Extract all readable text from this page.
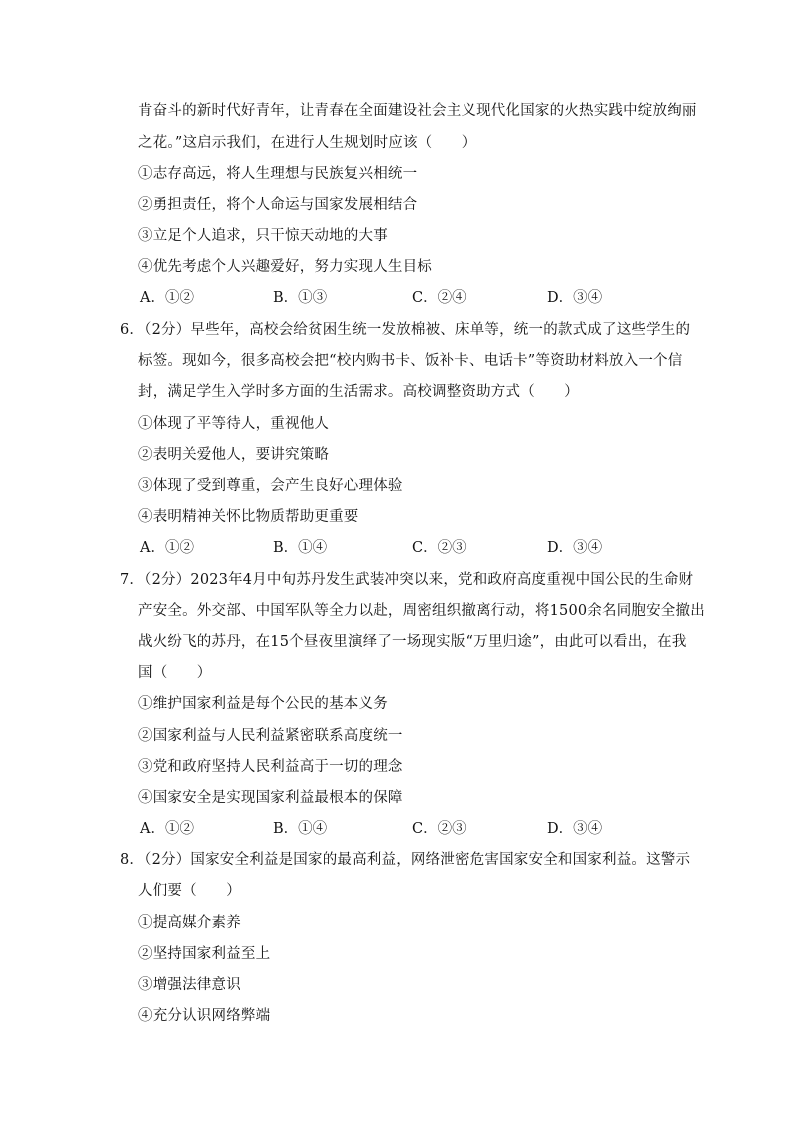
肯奋斗的新时代好青年，让青春在全面建设社会主义现代化国家的火热实践中绽放绚丽
之花。”这启示我们，在进行人生规划时应该（　　）
①志存高远，将人生理想与民族复兴相统一
②勇担责任，将个人命运与国家发展相结合
③立足个人追求，只干惊天动地的大事
④优先考虑个人兴趣爱好，努力实现人生目标
A．①②	B．①③	C．②④	D．③④
6．（2分）早些年，高校会给贫困生统一发放棉被、床单等，统一的款式成了这些学生的
标签。现如今，很多高校会把“校内购书卡、饭补卡、电话卡”等资助材料放入一个信
封，满足学生入学时多方面的生活需求。高校调整资助方式（　　）
①体现了平等待人，重视他人
②表明关爱他人，要讲究策略
③体现了受到尊重，会产生良好心理体验
④表明精神关怀比物质帮助更重要
A．①②	B．①④	C．②③	D．③④
7．（2分）2023年4月中旬苏丹发生武装冲突以来，党和政府高度重视中国公民的生命财
产安全。外交部、中国军队等全力以赴，周密组织撤离行动，将1500余名同胞安全撤出
战火纷飞的苏丹，在15个昼夜里演绎了一场现实版“万里归途”，由此可以看出，在我
国（　　）
①维护国家利益是每个公民的基本义务
②国家利益与人民利益紧密联系高度统一
③党和政府坚持人民利益高于一切的理念
④国家安全是实现国家利益最根本的保障
A．①②	B．①④	C．②③	D．③④
8．（2分）国家安全利益是国家的最高利益，网络泄密危害国家安全和国家利益。这警示
人们要（　　）
①提高媒介素养
②坚持国家利益至上
③增强法律意识
④充分认识网络弊端
